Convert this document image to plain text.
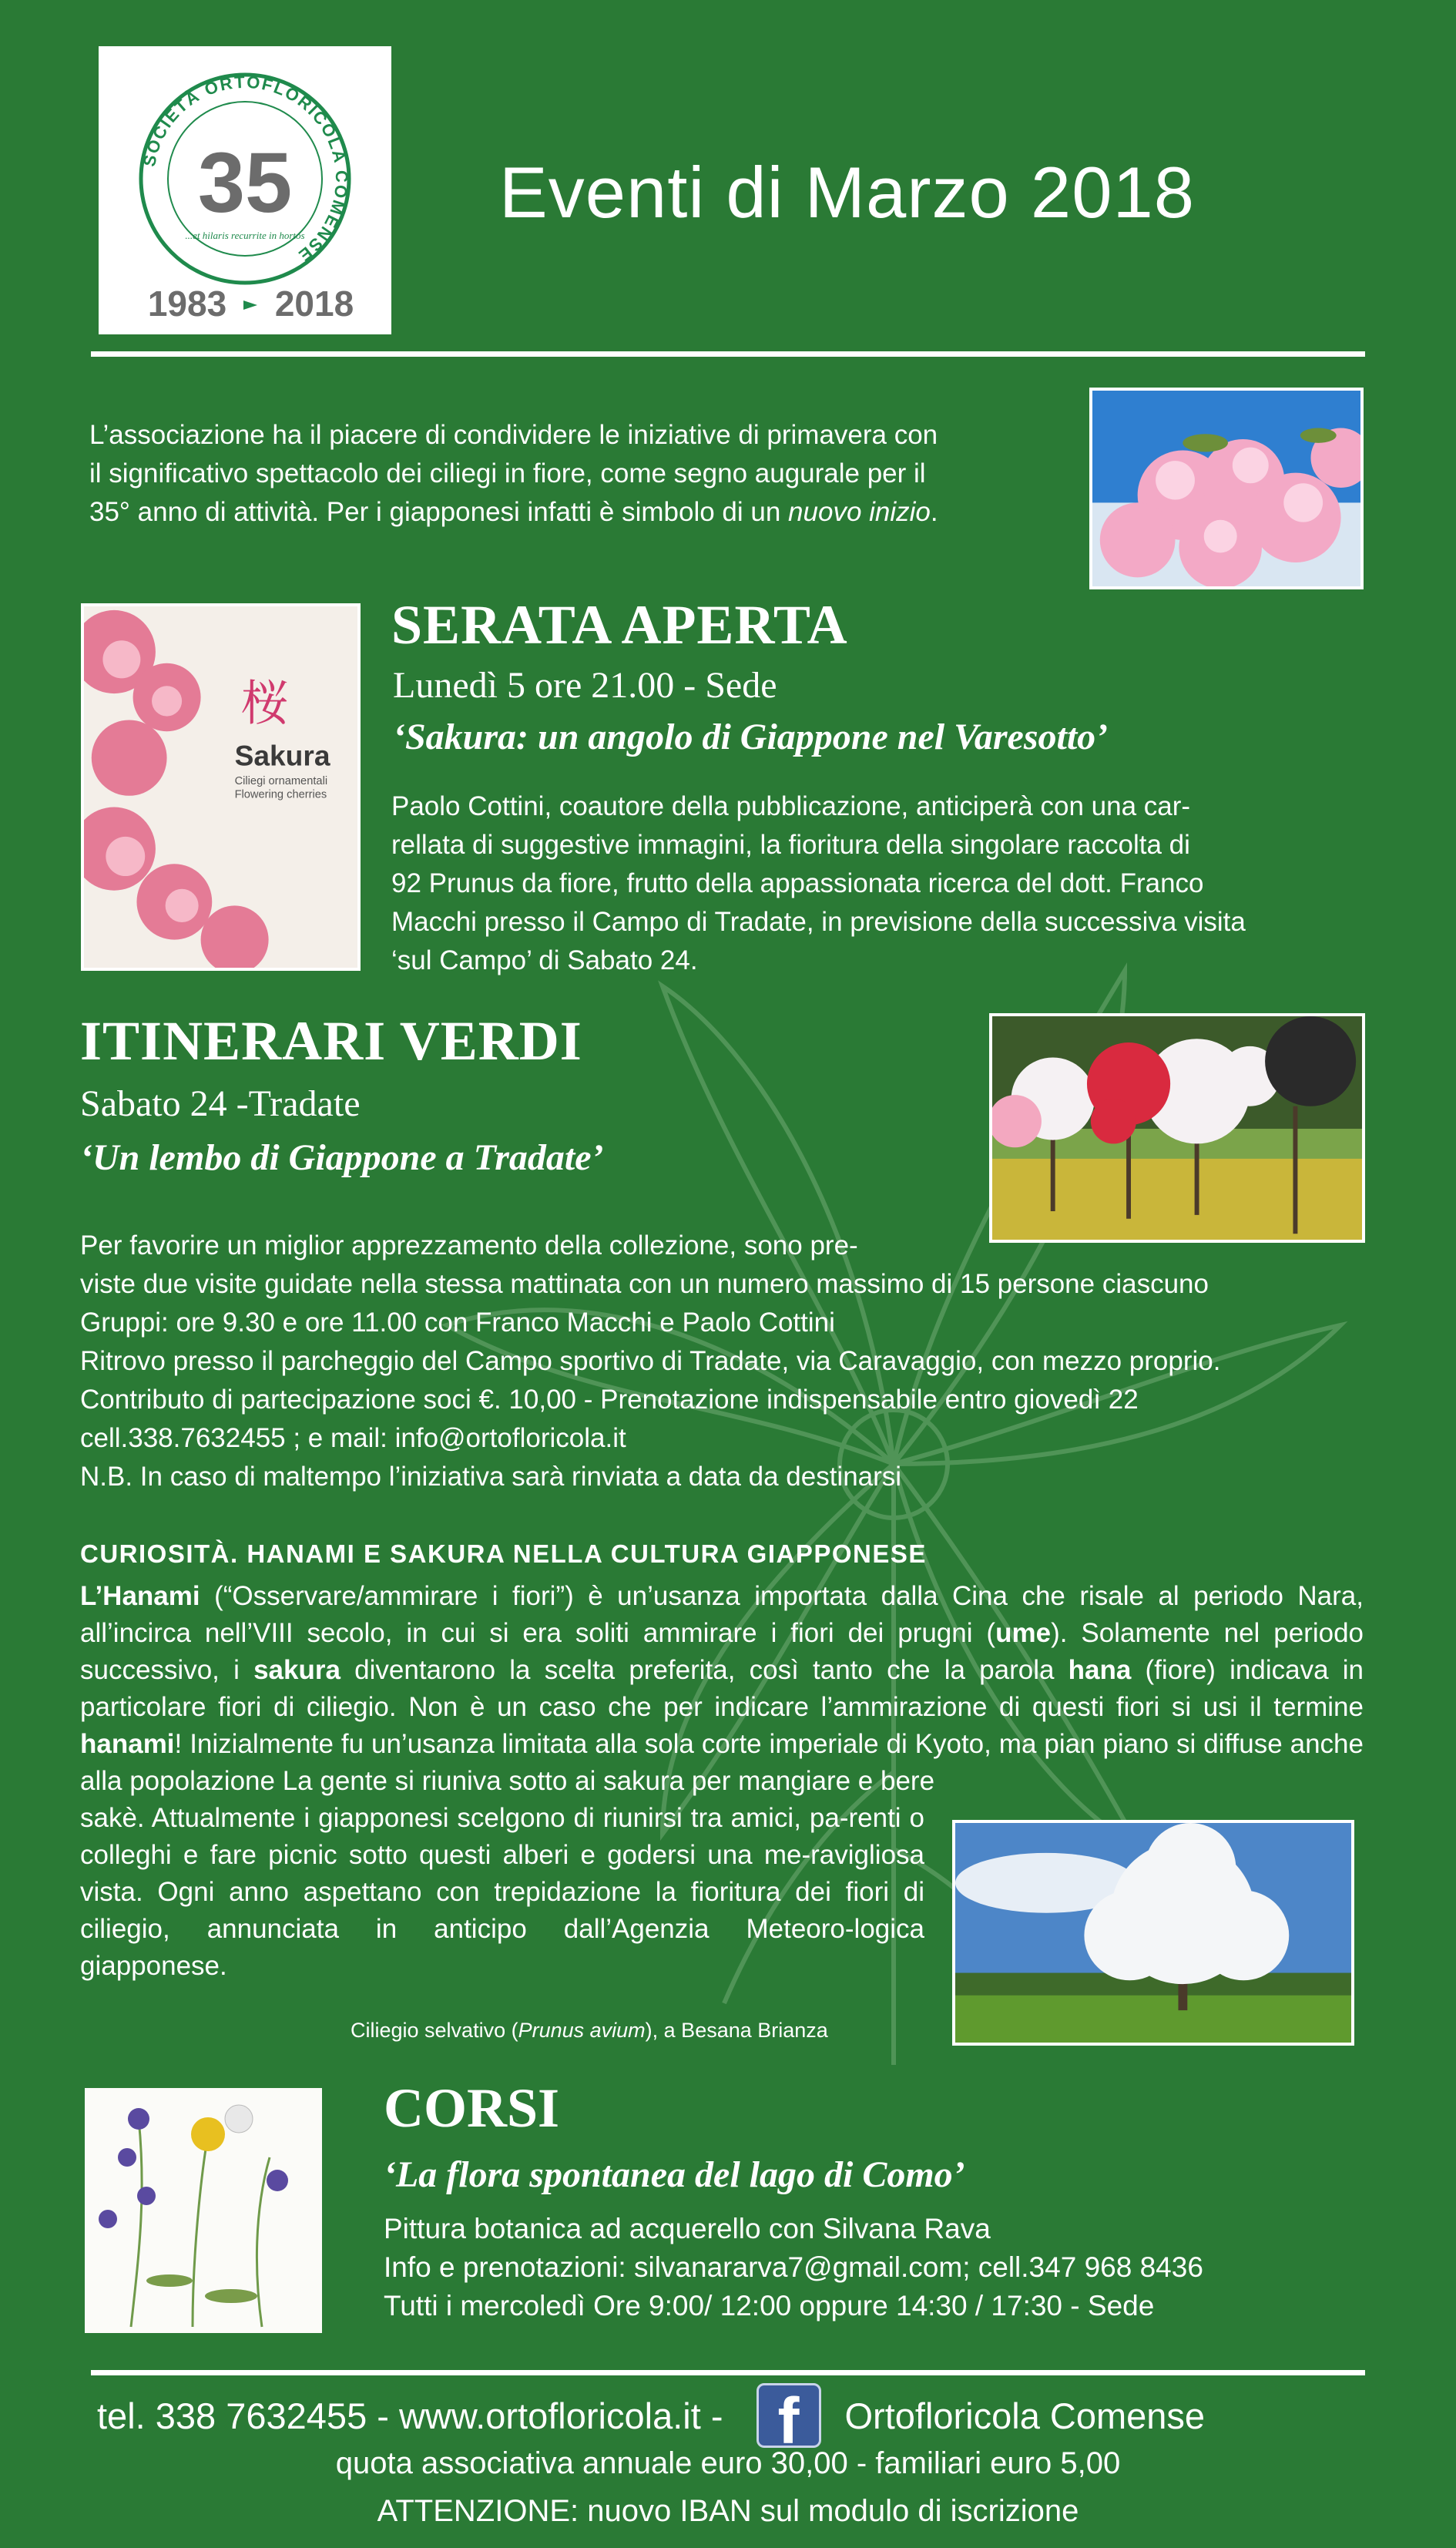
SOCIETÀ ORTOFLORICOLA COMENSE
35
...et hilaris recurrite in hortos
1983 2018
Eventi di Marzo 2018
L’associazione ha il piacere di condividere le iniziative di primavera con
il significativo spettacolo dei ciliegi in fiore, come segno augurale per il
35° anno di attività. Per i giapponesi infatti è simbolo di un nuovo inizio.
桜
Sakura
Ciliegi ornamentali
Flowering cherries
SERATA APERTA
Lunedì 5 ore 21.00 - Sede
‘Sakura: un angolo di Giappone nel Varesotto’
Paolo Cottini, coautore della pubblicazione, anticiperà con una car-
rellata di suggestive immagini, la fioritura della singolare raccolta di
92 Prunus da fiore, frutto della appassionata ricerca del dott. Franco
Macchi presso il Campo di Tradate, in previsione della successiva visita
‘sul Campo’ di Sabato 24.
ITINERARI VERDI
Sabato 24 -Tradate
‘Un lembo di Giappone a Tradate’
Per favorire un miglior apprezzamento della collezione, sono pre-
viste due visite guidate nella stessa mattinata con un numero massimo di 15 persone ciascuno
Gruppi: ore 9.30 e ore 11.00 con Franco Macchi e Paolo Cottini
Ritrovo presso il parcheggio del Campo sportivo di Tradate, via Caravaggio, con mezzo proprio.
Contributo di partecipazione soci €. 10,00 - Prenotazione indispensabile entro giovedì 22
cell.338.7632455 ; e mail: info@ortofloricola.it
N.B. In caso di maltempo l’iniziativa sarà rinviata a data da destinarsi
CURIOSITÀ. HANAMI E SAKURA NELLA CULTURA GIAPPONESE
L’Hanami (“Osservare/ammirare i fiori”) è un’usanza importata dalla Cina che risale al periodo Nara, all’incirca nell’VIII secolo, in cui si era soliti ammirare i fiori dei prugni (ume). Solamente nel periodo successivo, i sakura diventarono la scelta preferita, così tanto che la parola hana (fiore) indicava in particolare fiori di ciliegio. Non è un caso che per indicare l’ammirazione di questi fiori si usi il termine hanami! Inizialmente fu un’usanza limitata alla sola corte imperiale di Kyoto, ma pian piano si diffuse anche alla popolazione La gente si riuniva sotto ai sakura per mangiare e bere
sakè. Attualmente i giapponesi scelgono di riunirsi tra amici, pa-renti o colleghi e fare picnic sotto questi alberi e godersi una me-ravigliosa vista. Ogni anno aspettano con trepidazione la fioritura dei fiori di ciliegio, annunciata in anticipo dall’Agenzia Meteoro-logica giapponese.
Ciliegio selvativo (Prunus avium), a Besana Brianza
CORSI
‘La flora spontanea del lago di Como’
Pittura botanica ad acquerello con Silvana Rava
Info e prenotazioni: silvanararva7@gmail.com; cell.347 968 8436
Tutti i mercoledì Ore 9:00/ 12:00 oppure 14:30 / 17:30 - Sede
tel. 338 7632455 - www.ortofloricola.it - f Ortofloricola Comense
quota associativa annuale euro 30,00 - familiari euro 5,00
ATTENZIONE: nuovo IBAN sul modulo di iscrizione
